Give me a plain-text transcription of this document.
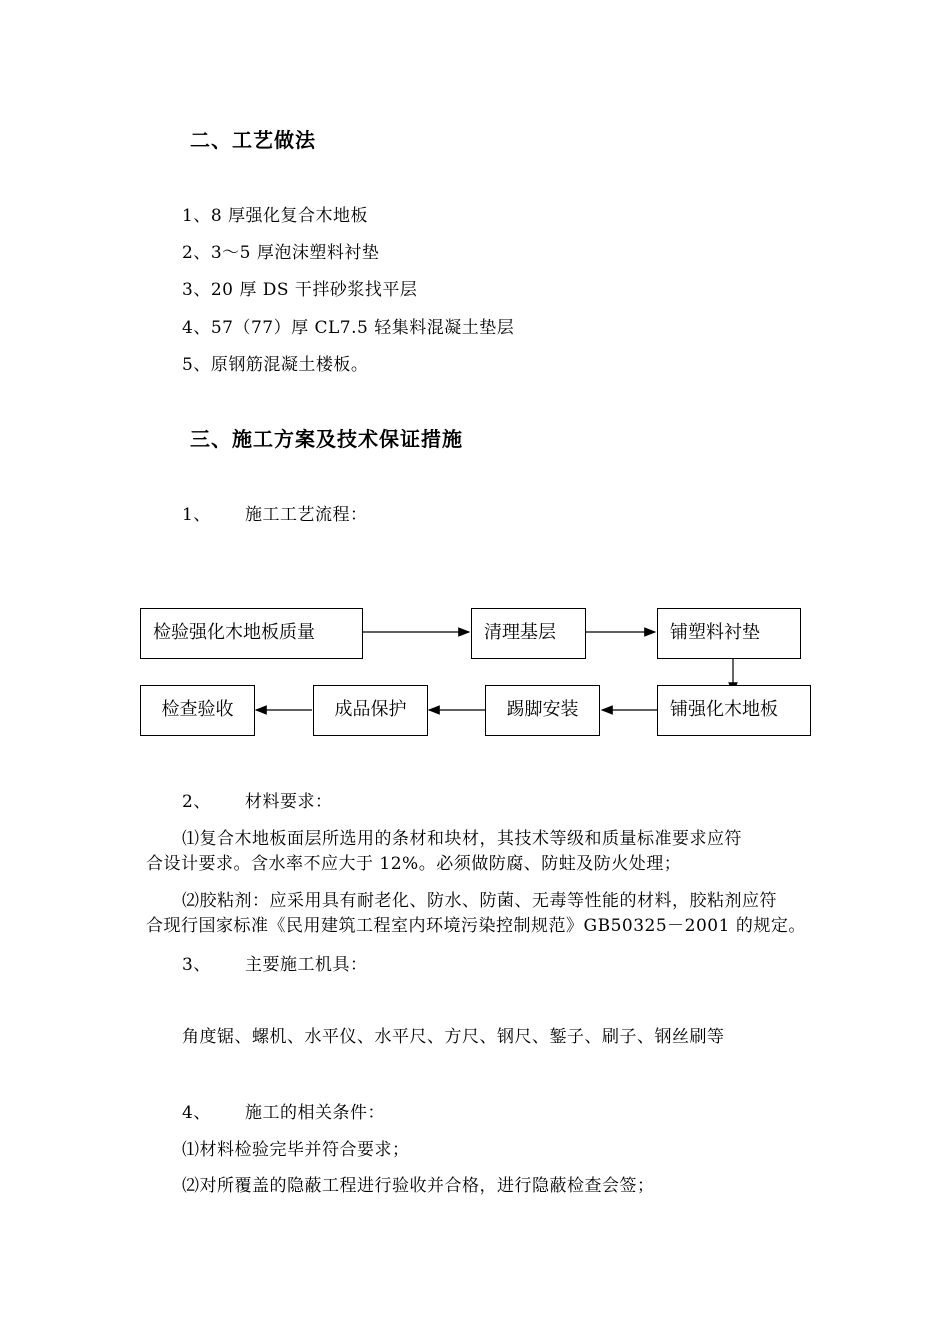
二、工艺做法
1、8 厚强化复合木地板
2、3～5 厚泡沫塑料衬垫
3、20 厚 DS 干拌砂浆找平层
4、57（77）厚 CL7.5 轻集料混凝土垫层
5、原钢筋混凝土楼板。
三、施工方案及技术保证措施
1、 施工工艺流程：
检验强化木地板质量	清理基层	铺塑料衬垫
铺强化木地板
踢脚安装
成品保护
检查验收
2、 材料要求：
⑴复合木地板面层所选用的条材和块材，其技术等级和质量标准要求应符
合设计要求。含水率不应大于 12%。必须做防腐、防蛀及防火处理；
⑵胶粘剂：应采用具有耐老化、防水、防菌、无毒等性能的材料，胶粘剂应符
合现行国家标准《民用建筑工程室内环境污染控制规范》GB50325－2001 的规定。
3、 主要施工机具：
角度锯、螺机、水平仪、水平尺、方尺、钢尺、錾子、刷子、钢丝刷等
4、 施工的相关条件：
⑴材料检验完毕并符合要求；
⑵对所覆盖的隐蔽工程进行验收并合格，进行隐蔽检查会签；
